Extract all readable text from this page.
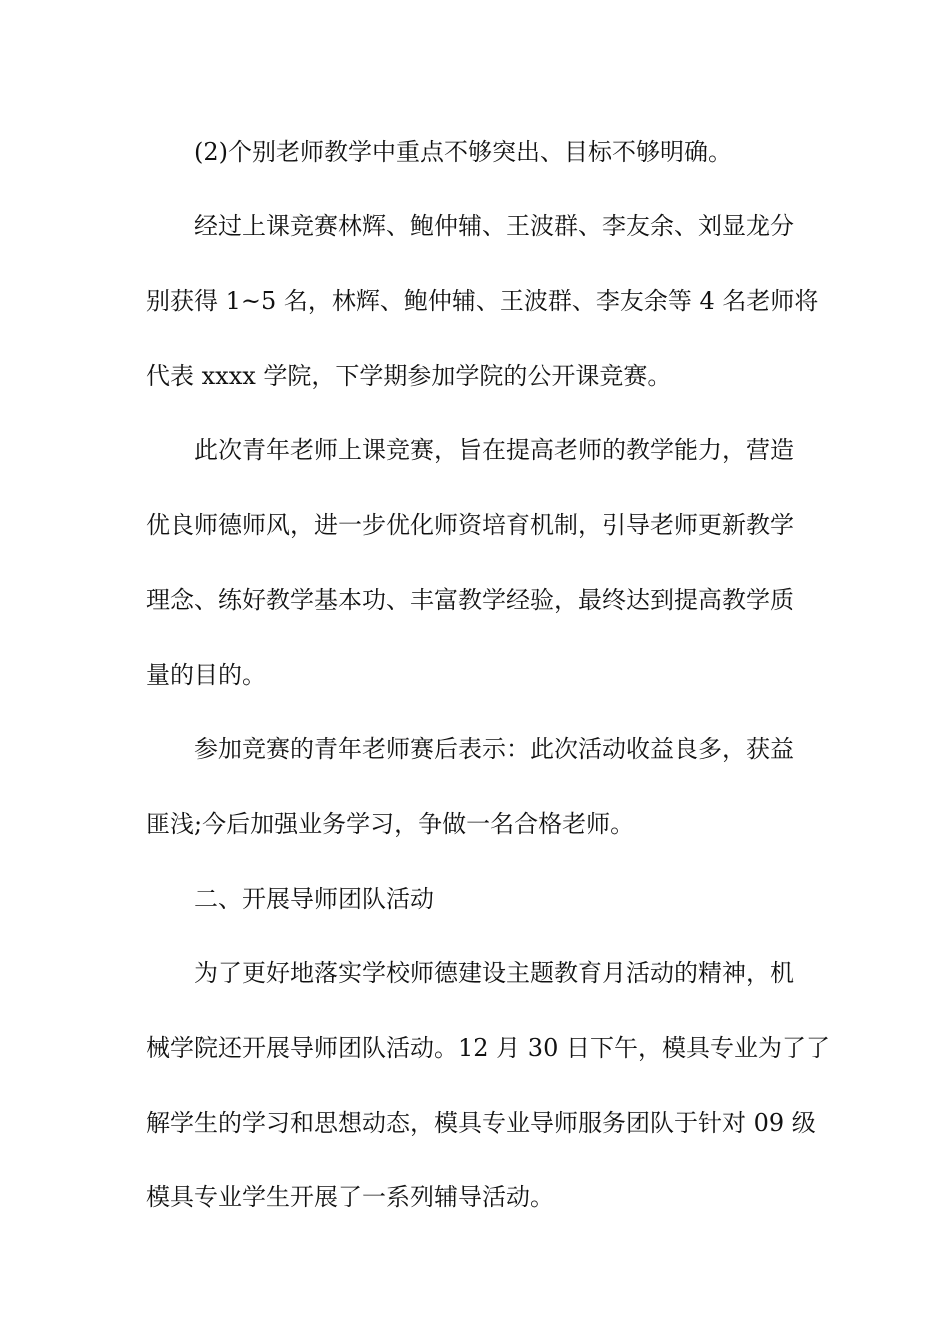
(2)个别老师教学中重点不够突出、目标不够明确。
经过上课竞赛林辉、鲍仲辅、王波群、李友余、刘显龙分
别获得 1~5 名，林辉、鲍仲辅、王波群、李友余等 4 名老师将
代表 xxxx 学院，下学期参加学院的公开课竞赛。
此次青年老师上课竞赛，旨在提高老师的教学能力，营造
优良师德师风，进一步优化师资培育机制，引导老师更新教学
理念、练好教学基本功、丰富教学经验，最终达到提高教学质
量的目的。
参加竞赛的青年老师赛后表示：此次活动收益良多，获益
匪浅;今后加强业务学习，争做一名合格老师。
二、开展导师团队活动
为了更好地落实学校师德建设主题教育月活动的精神，机
械学院还开展导师团队活动。12 月 30 日下午，模具专业为了了
解学生的学习和思想动态，模具专业导师服务团队于针对 09 级
模具专业学生开展了一系列辅导活动。
